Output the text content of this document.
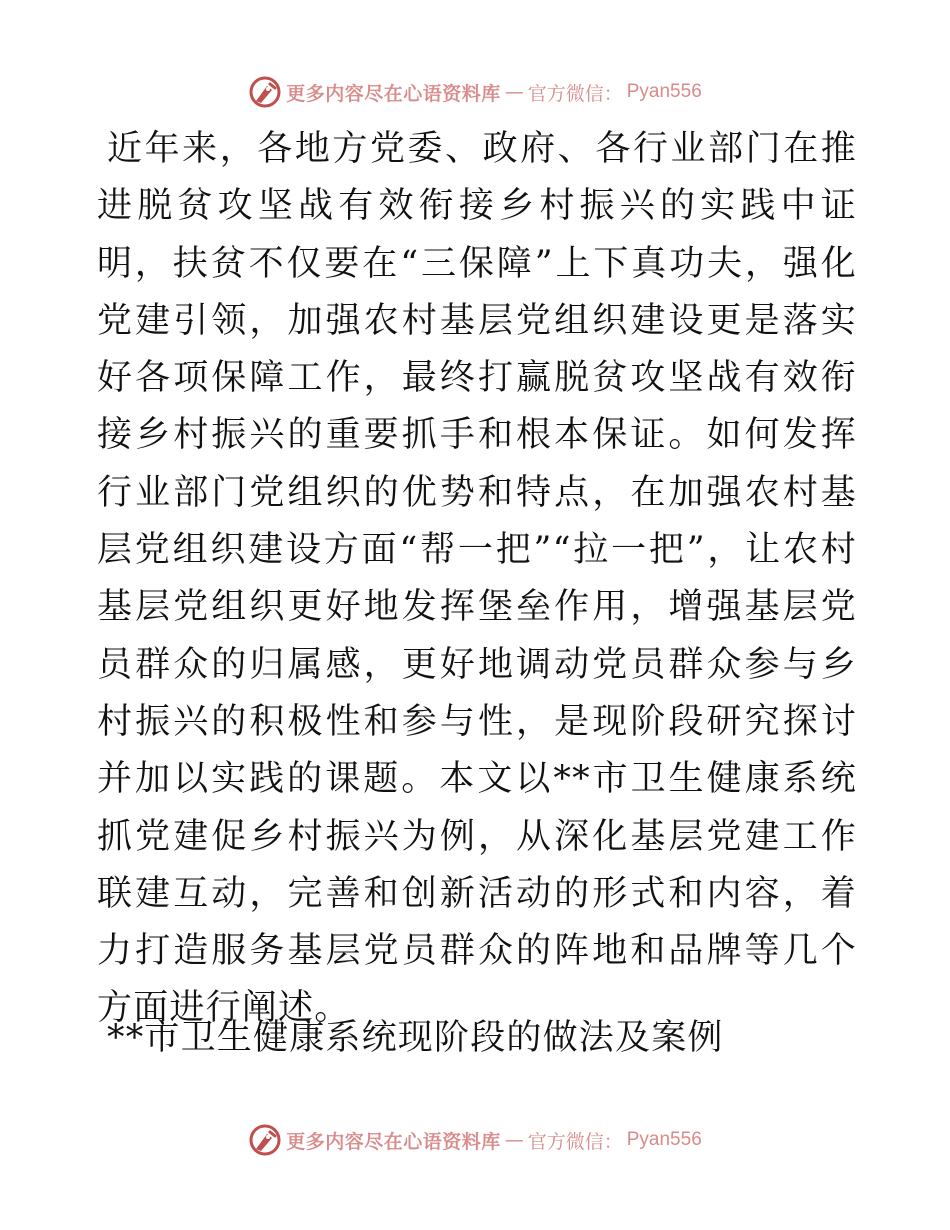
更多内容尽在心语资料库 — 官方微信： Pyan556

近年来，各地方党委、政府、各行业部门在推进脱贫攻坚战有效衔接乡村振兴的实践中证明，扶贫不仅要在“三保障”上下真功夫，强化党建引领，加强农村基层党组织建设更是落实好各项保障工作，最终打赢脱贫攻坚战有效衔接乡村振兴的重要抓手和根本保证。如何发挥行业部门党组织的优势和特点，在加强农村基层党组织建设方面“帮一把”“拉一把”，让农村基层党组织更好地发挥堡垒作用，增强基层党员群众的归属感，更好地调动党员群众参与乡村振兴的积极性和参与性，是现阶段研究探讨并加以实践的课题。本文以**市卫生健康系统抓党建促乡村振兴为例，从深化基层党建工作联建互动，完善和创新活动的形式和内容，着力打造服务基层党员群众的阵地和品牌等几个方面进行阐述。

**市卫生健康系统现阶段的做法及案例
更多内容尽在心语资料库 — 官方微信： Pyan556
